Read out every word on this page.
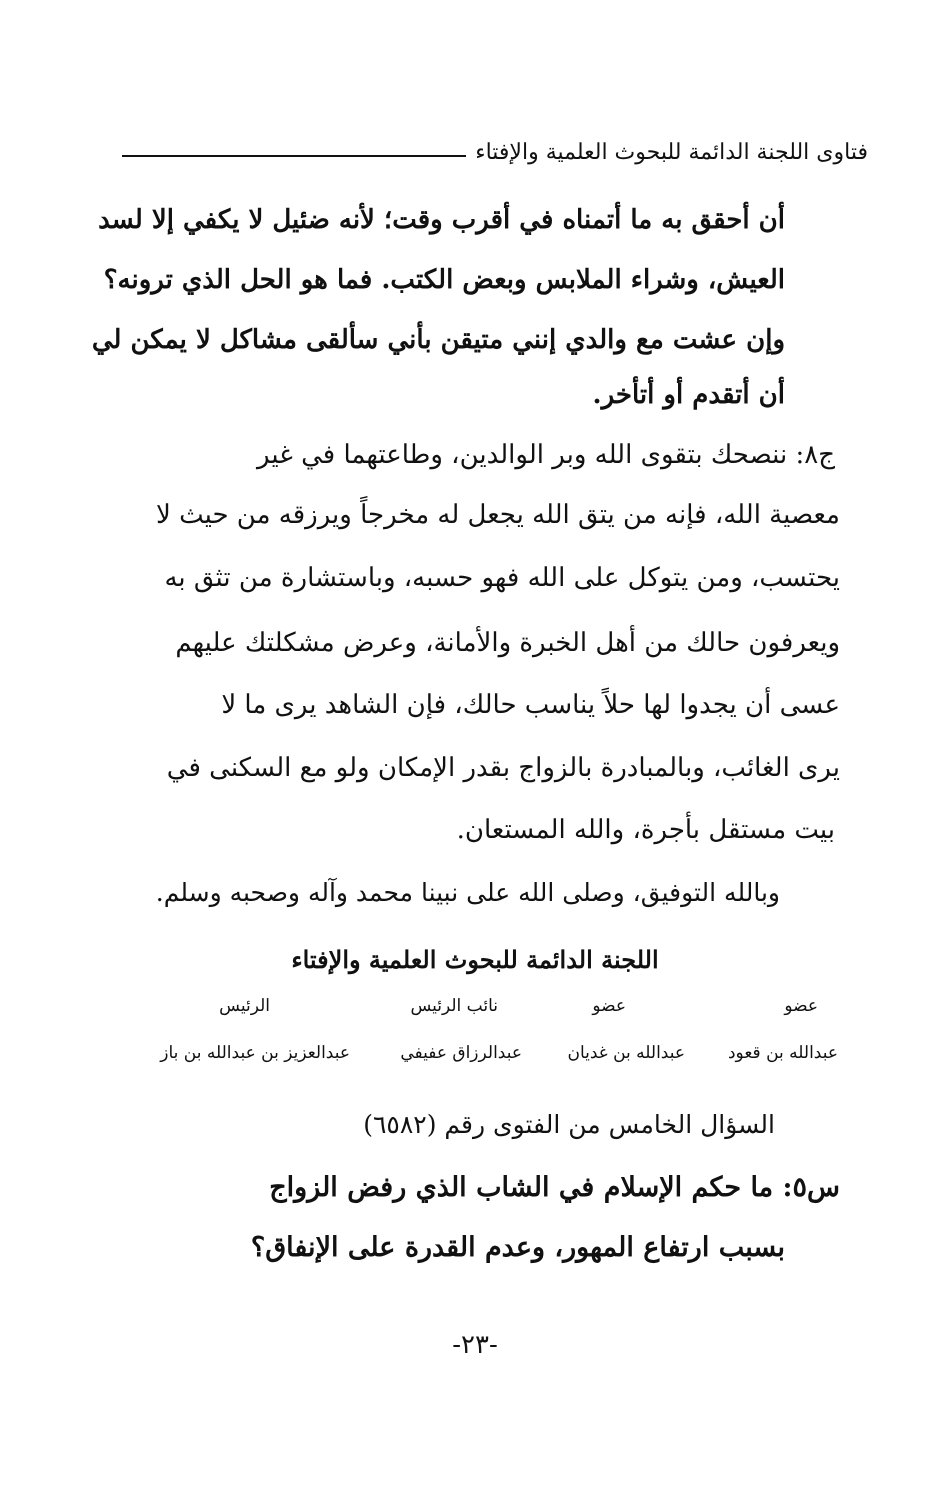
فتاوى اللجنة الدائمة للبحوث العلمية والإفتاء
أن أحقق به ما أتمناه في أقرب وقت؛ لأنه ضئيل لا يكفي إلا لسد
العيش، وشراء الملابس وبعض الكتب. فما هو الحل الذي ترونه؟
وإن عشت مع والدي إنني متيقن بأني سألقى مشاكل لا يمكن لي
أن أتقدم أو أتأخر.
ج٨: ننصحك بتقوى الله وبر الوالدين، وطاعتهما في غير
معصية الله، فإنه من يتق الله يجعل له مخرجاً ويرزقه من حيث لا
يحتسب، ومن يتوكل على الله فهو حسبه، وباستشارة من تثق به
ويعرفون حالك من أهل الخبرة والأمانة، وعرض مشكلتك عليهم
عسى أن يجدوا لها حلاً يناسب حالك، فإن الشاهد يرى ما لا
يرى الغائب، وبالمبادرة بالزواج بقدر الإمكان ولو مع السكنى في
بيت مستقل بأجرة، والله المستعان.
وبالله التوفيق، وصلى الله على نبينا محمد وآله وصحبه وسلم.
اللجنة الدائمة للبحوث العلمية والإفتاء
عضو
عضو
نائب الرئيس
الرئيس
عبدالله بن قعود
عبدالله بن غديان
عبدالرزاق عفيفي
عبدالعزيز بن عبدالله بن باز
السؤال الخامس من الفتوى رقم (٦٥٨٢)
س٥: ما حكم الإسلام في الشاب الذي رفض الزواج
بسبب ارتفاع المهور، وعدم القدرة على الإنفاق؟
-٢٣-
